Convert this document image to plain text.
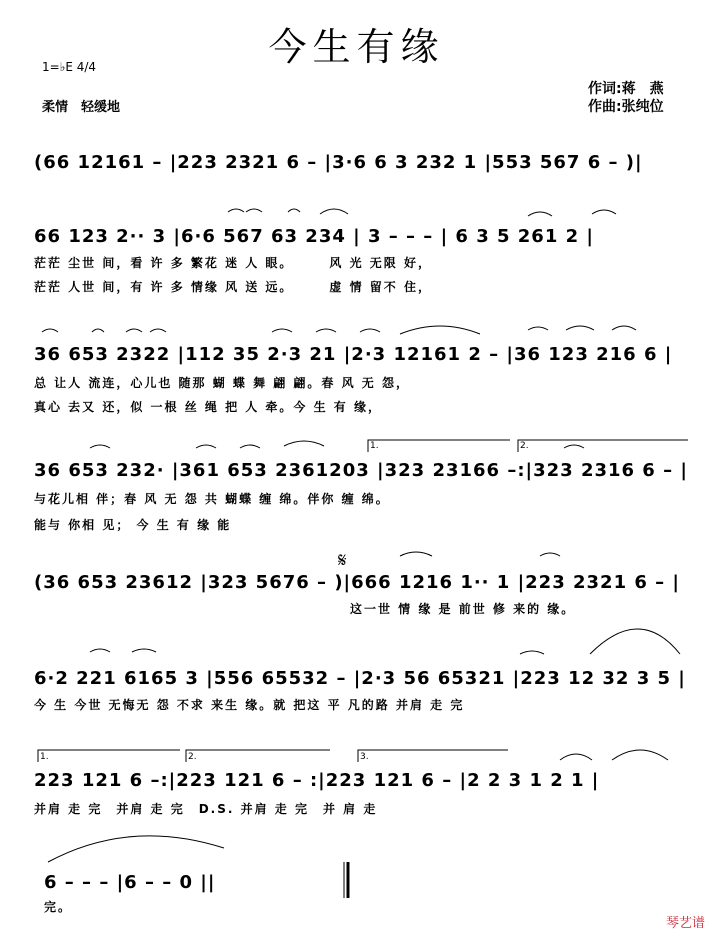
今生有缘
1=♭E 4/4
柔情　轻缓地
作词:蒋　燕
作曲:张纯位
(66 12161 – |223 2321 6 – |3·6 6 3 232 1 |553 567 6 – )|
66 123 2·· 3 |6·6 567 63 234 | 3 – – – | 6 3 5 261 2 |
茫茫 尘世 间，看 许 多 繁花 迷 人 眼。　　　风 光 无限 好，
茫茫 人世 间，有 许 多 情缘 风 送 远。　　　虚 情 留不 住，
36 653 2322 |112 35 2·3 21 |2·3 12161 2 – |36 123 216 6 |
总 让人 流连，心儿也 随那 蝴 蝶 舞 翩 翩。春 风 无 怨，
真心 去又 还，似 一根 丝 绳 把 人 牵。今 生 有 缘，
1.	2.
36 653 232· |361 653 2361203 |323 23166 –:|323 2316 6 – |
与花儿相 伴；春 风 无 怨 共 蝴蝶 缠 绵。伴你 缠 绵。
能与 你相 见； 今 生 有 缘 能
𝄋
(36 653 23612 |323 5676 – )|666 1216 1·· 1 |223 2321 6 – |
这一世 情 缘 是 前世 修 来的 缘。
6·2 221 6165 3 |556 65532 – |2·3 56 65321 |223 12 32 3 5 |
今 生 今世 无悔无 怨 不求 来生 缘。就 把这 平 凡的路 并肩 走 完
1.	2.	3.
223 121 6 –:|223 121 6 – :|223 121 6 – |2 2 3 1 2 1 |
并肩 走 完　并肩 走 完　D.S. 并肩 走 完　并 肩 走
6 – – – |6 – – 0 ||
完。
琴艺谱
